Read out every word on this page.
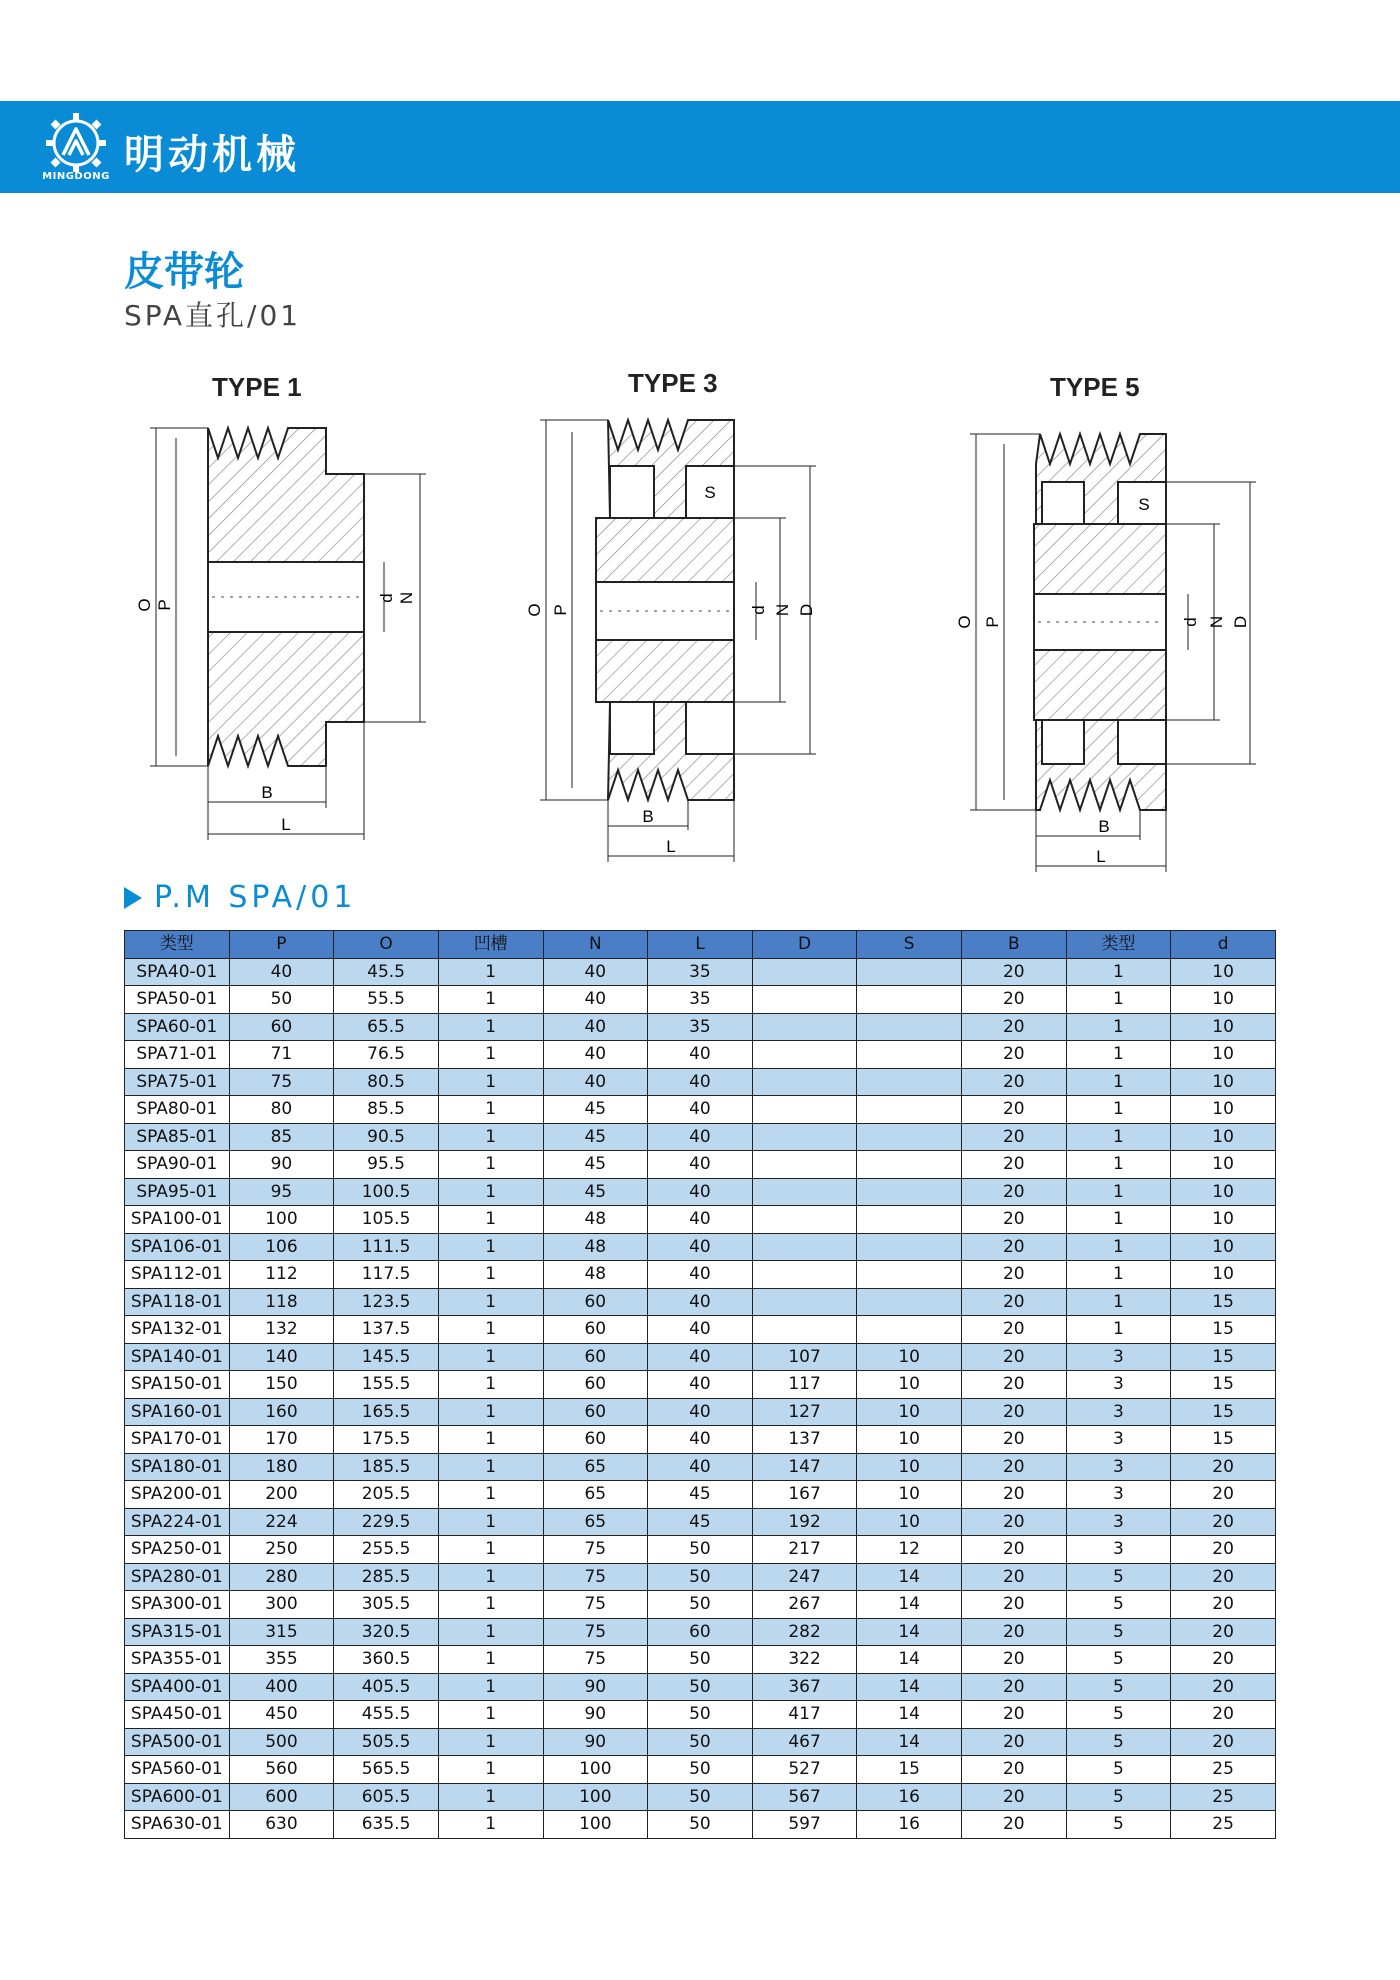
MINGDONG 明动机械
皮带轮
SPA直孔/01
TYPE 1
O P
d N
B
L
TYPE 3
S
O P	d N D
B
L
TYPE 5
S
O P	d N D
B
L
P.M SPA/01
类型	P	O	凹槽	N	L	D	S	B	类型	d
SPA40-01	40	45.5	1	40	35			20	1	10
SPA50-01	50	55.5	1	40	35			20	1	10
SPA60-01	60	65.5	1	40	35			20	1	10
SPA71-01	71	76.5	1	40	40			20	1	10
SPA75-01	75	80.5	1	40	40			20	1	10
SPA80-01	80	85.5	1	45	40			20	1	10
SPA85-01	85	90.5	1	45	40			20	1	10
SPA90-01	90	95.5	1	45	40			20	1	10
SPA95-01	95	100.5	1	45	40			20	1	10
SPA100-01	100	105.5	1	48	40			20	1	10
SPA106-01	106	111.5	1	48	40			20	1	10
SPA112-01	112	117.5	1	48	40			20	1	10
SPA118-01	118	123.5	1	60	40			20	1	15
SPA132-01	132	137.5	1	60	40			20	1	15
SPA140-01	140	145.5	1	60	40	107	10	20	3	15
SPA150-01	150	155.5	1	60	40	117	10	20	3	15
SPA160-01	160	165.5	1	60	40	127	10	20	3	15
SPA170-01	170	175.5	1	60	40	137	10	20	3	15
SPA180-01	180	185.5	1	65	40	147	10	20	3	20
SPA200-01	200	205.5	1	65	45	167	10	20	3	20
SPA224-01	224	229.5	1	65	45	192	10	20	3	20
SPA250-01	250	255.5	1	75	50	217	12	20	3	20
SPA280-01	280	285.5	1	75	50	247	14	20	5	20
SPA300-01	300	305.5	1	75	50	267	14	20	5	20
SPA315-01	315	320.5	1	75	60	282	14	20	5	20
SPA355-01	355	360.5	1	75	50	322	14	20	5	20
SPA400-01	400	405.5	1	90	50	367	14	20	5	20
SPA450-01	450	455.5	1	90	50	417	14	20	5	20
SPA500-01	500	505.5	1	90	50	467	14	20	5	20
SPA560-01	560	565.5	1	100	50	527	15	20	5	25
SPA600-01	600	605.5	1	100	50	567	16	20	5	25
SPA630-01	630	635.5	1	100	50	597	16	20	5	25
